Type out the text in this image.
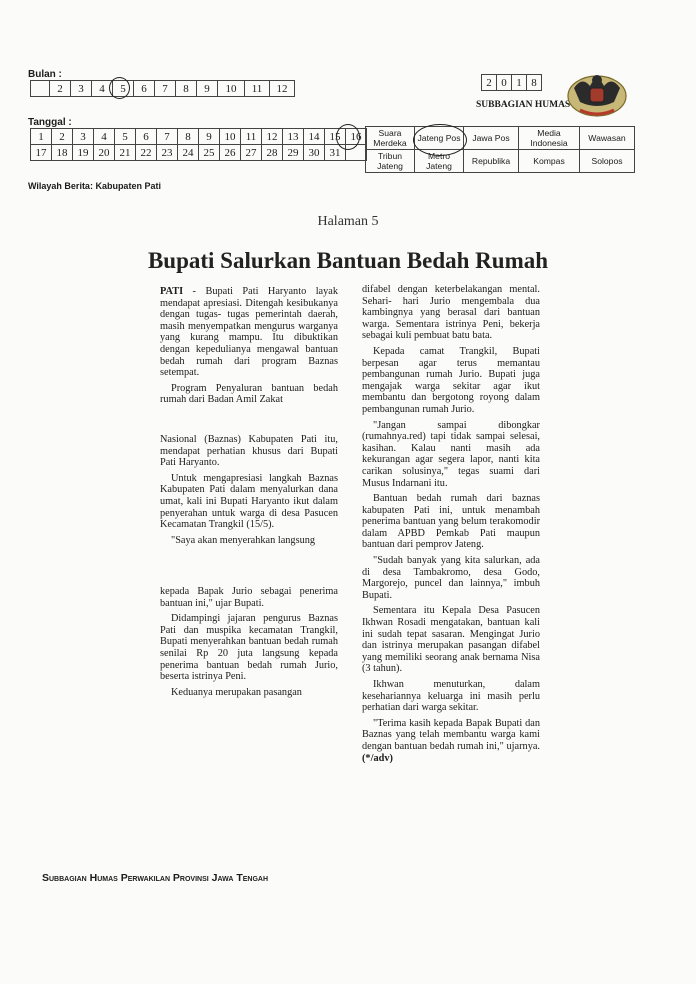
Bulan :
	2	3	4	5	6	7	8	9	10	11	12
Tanggal :
1	2	3	4	5	6	7	8	9	10	11	12	13	14	15	16
17	18	19	20	21	22	23	24	25	26	27	28	29	30	31	
Suara Merdeka	Jateng Pos	Jawa Pos	Media Indonesia	Wawasan
Tribun Jateng	Metro Jateng	Republika	Kompas	Solopos
2	0	1	8
SUBBAGIAN HUMAS
Wilayah Berita: Kabupaten Pati
Halaman 5
Bupati Salurkan Bantuan Bedah Rumah

PATI - Bupati Pati Haryanto layak mendapat apresiasi. Ditengah kesibukanya dengan tugas- tugas pemerintah daerah, masih menyempatkan mengurus warganya yang kurang mampu. Itu dibuktikan dengan kepedulianya mengawal bantuan bedah rumah dari program Baznas setempat.

Program Penyaluran bantuan bedah rumah dari Badan Amil Zakat

Nasional (Baznas) Kabupaten Pati itu, mendapat perhatian khusus dari Bupati Pati Haryanto.

Untuk mengapresiasi langkah Baznas Kabupaten Pati dalam menyalurkan dana umat, kali ini Bupati Haryanto ikut dalam penyerahan untuk warga di desa Pasucen Kecamatan Trangkil (15/5).

"Saya akan menyerahkan langsung

kepada Bapak Jurio sebagai penerima bantuan ini," ujar Bupati.

Didampingi jajaran pengurus Baznas Pati dan muspika kecamatan Trangkil, Bupati menyerahkan bantuan bedah rumah senilai Rp 20 juta langsung kepada penerima bantuan bedah rumah Jurio, beserta istrinya Peni.

Keduanya merupakan pasangan

difabel dengan keterbelakangan mental. Sehari- hari Jurio mengembala dua kambingnya yang berasal dari bantuan warga. Sementara istrinya Peni, bekerja sebagai kuli pembuat batu bata.

Kepada camat Trangkil, Bupati berpesan agar terus memantau pembangunan rumah Jurio. Bupati juga mengajak warga sekitar agar ikut membantu dan bergotong royong dalam pembangunan rumah Jurio.

"Jangan sampai dibongkar (rumahnya.red) tapi tidak sampai selesai, kasihan. Kalau nanti masih ada kekurangan agar segera lapor, nanti kita carikan solusinya," tegas suami dari Musus Indarnani itu.

Bantuan bedah rumah dari baznas kabupaten Pati ini, untuk menambah penerima bantuan yang belum terakomodir dalam APBD Pemkab Pati maupun bantuan dari pemprov Jateng.

"Sudah banyak yang kita salurkan, ada di desa Tambakromo, desa Godo, Margorejo, puncel dan lainnya," imbuh Bupati.

Sementara itu Kepala Desa Pasucen Ikhwan Rosadi mengatakan, bantuan kali ini sudah tepat sasaran. Mengingat Jurio dan istrinya merupakan pasangan difabel yang memiliki seorang anak bernama Nisa (3 tahun).

Ikhwan menuturkan, dalam kesehariannya keluarga ini masih perlu perhatian dari warga sekitar.

"Terima kasih kepada Bapak Bupati dan Baznas yang telah membantu warga kami dengan bantuan bedah rumah ini," ujarnya. (*/adv)

Subbagian Humas Perwakilan Provinsi Jawa Tengah
